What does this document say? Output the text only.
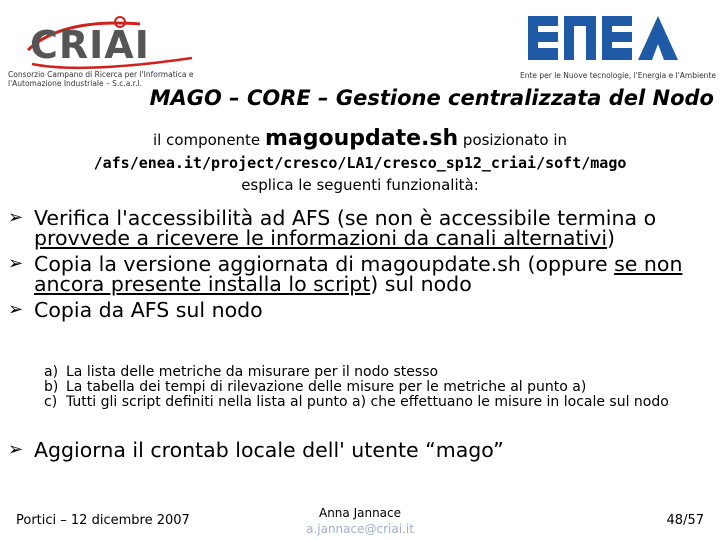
CRIAI
Consorzio Campano di Ricerca per l'Informatica e l'Automazione Industriale – S.c.a.r.l.
Ente per le Nuove tecnologie, l'Energia e l'Ambiente
MAGO – CORE – Gestione centralizzata del Nodo
il componente magoupdate.sh posizionato in
/afs/enea.it/project/cresco/LA1/cresco_sp12_criai/soft/mago
esplica le seguenti funzionalità:
➢ Verifica l'accessibilità ad AFS (se non è accessibile termina o provvede a ricevere le informazioni da canali alternativi)
➢ Copia la versione aggiornata di magoupdate.sh (oppure se non ancora presente installa lo script) sul nodo
➢ Copia da AFS sul nodo
a) La lista delle metriche da misurare per il nodo stesso
b) La tabella dei tempi di rilevazione delle misure per le metriche al punto a)
c) Tutti gli script definiti nella lista al punto a) che effettuano le misure in locale sul nodo
➢ Aggiorna il crontab locale dell' utente “mago”
Portici – 12 dicembre 2007	Anna Jannace
a.jannace@criai.it
48/57
